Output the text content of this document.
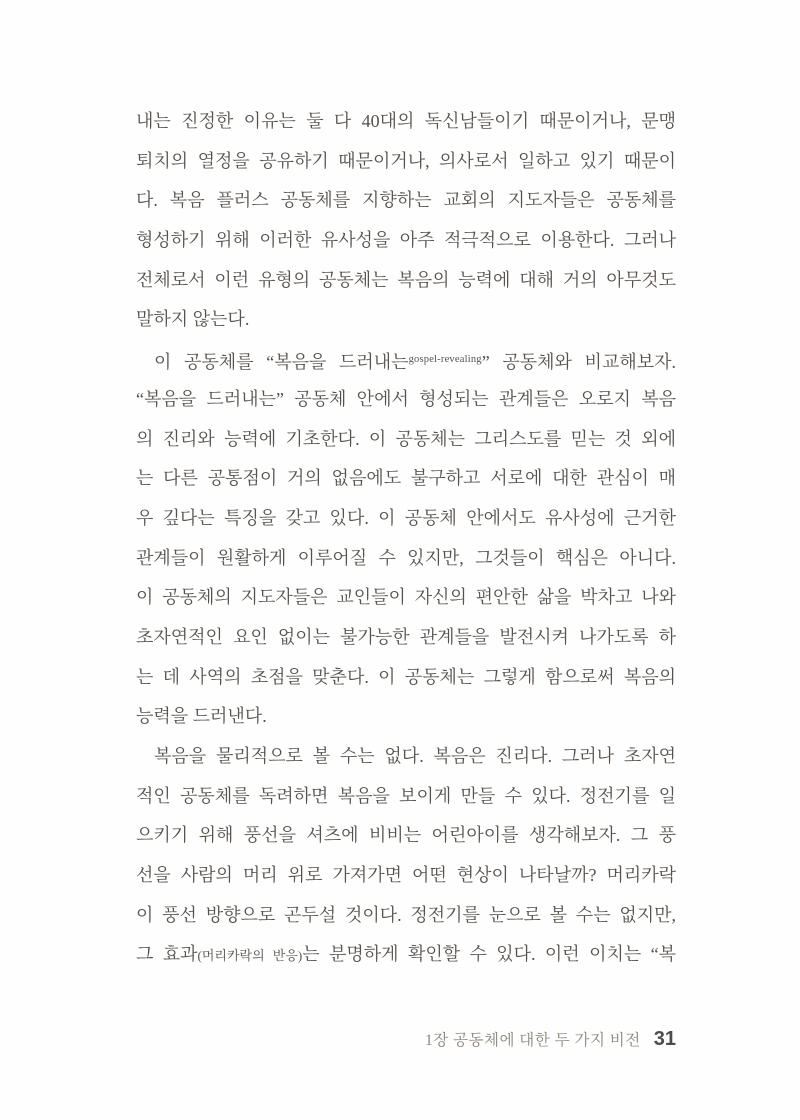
내는 진정한 이유는 둘 다 40대의 독신남들이기 때문이거나, 문맹
퇴치의 열정을 공유하기 때문이거나, 의사로서 일하고 있기 때문이
다. 복음 플러스 공동체를 지향하는 교회의 지도자들은 공동체를
형성하기 위해 이러한 유사성을 아주 적극적으로 이용한다. 그러나
전체로서 이런 유형의 공동체는 복음의 능력에 대해 거의 아무것도
말하지 않는다.
이 공동체를 “복음을 드러내는$^{gospel-revealing}$” 공동체와 비교해보자.
“복음을 드러내는” 공동체 안에서 형성되는 관계들은 오로지 복음
의 진리와 능력에 기초한다. 이 공동체는 그리스도를 믿는 것 외에
는 다른 공통점이 거의 없음에도 불구하고 서로에 대한 관심이 매
우 깊다는 특징을 갖고 있다. 이 공동체 안에서도 유사성에 근거한
관계들이 원활하게 이루어질 수 있지만, 그것들이 핵심은 아니다.
이 공동체의 지도자들은 교인들이 자신의 편안한 삶을 박차고 나와
초자연적인 요인 없이는 불가능한 관계들을 발전시켜 나가도록 하
는 데 사역의 초점을 맞춘다. 이 공동체는 그렇게 함으로써 복음의
능력을 드러낸다.
복음을 물리적으로 볼 수는 없다. 복음은 진리다. 그러나 초자연
적인 공동체를 독려하면 복음을 보이게 만들 수 있다. 정전기를 일
으키기 위해 풍선을 셔츠에 비비는 어린아이를 생각해보자. 그 풍
선을 사람의 머리 위로 가져가면 어떤 현상이 나타날까? 머리카락
이 풍선 방향으로 곤두설 것이다. 정전기를 눈으로 볼 수는 없지만,
그 효과(머리카락의 반응)는 분명하게 확인할 수 있다. 이런 이치는 “복
1장 공동체에 대한 두 가지 비전 31
